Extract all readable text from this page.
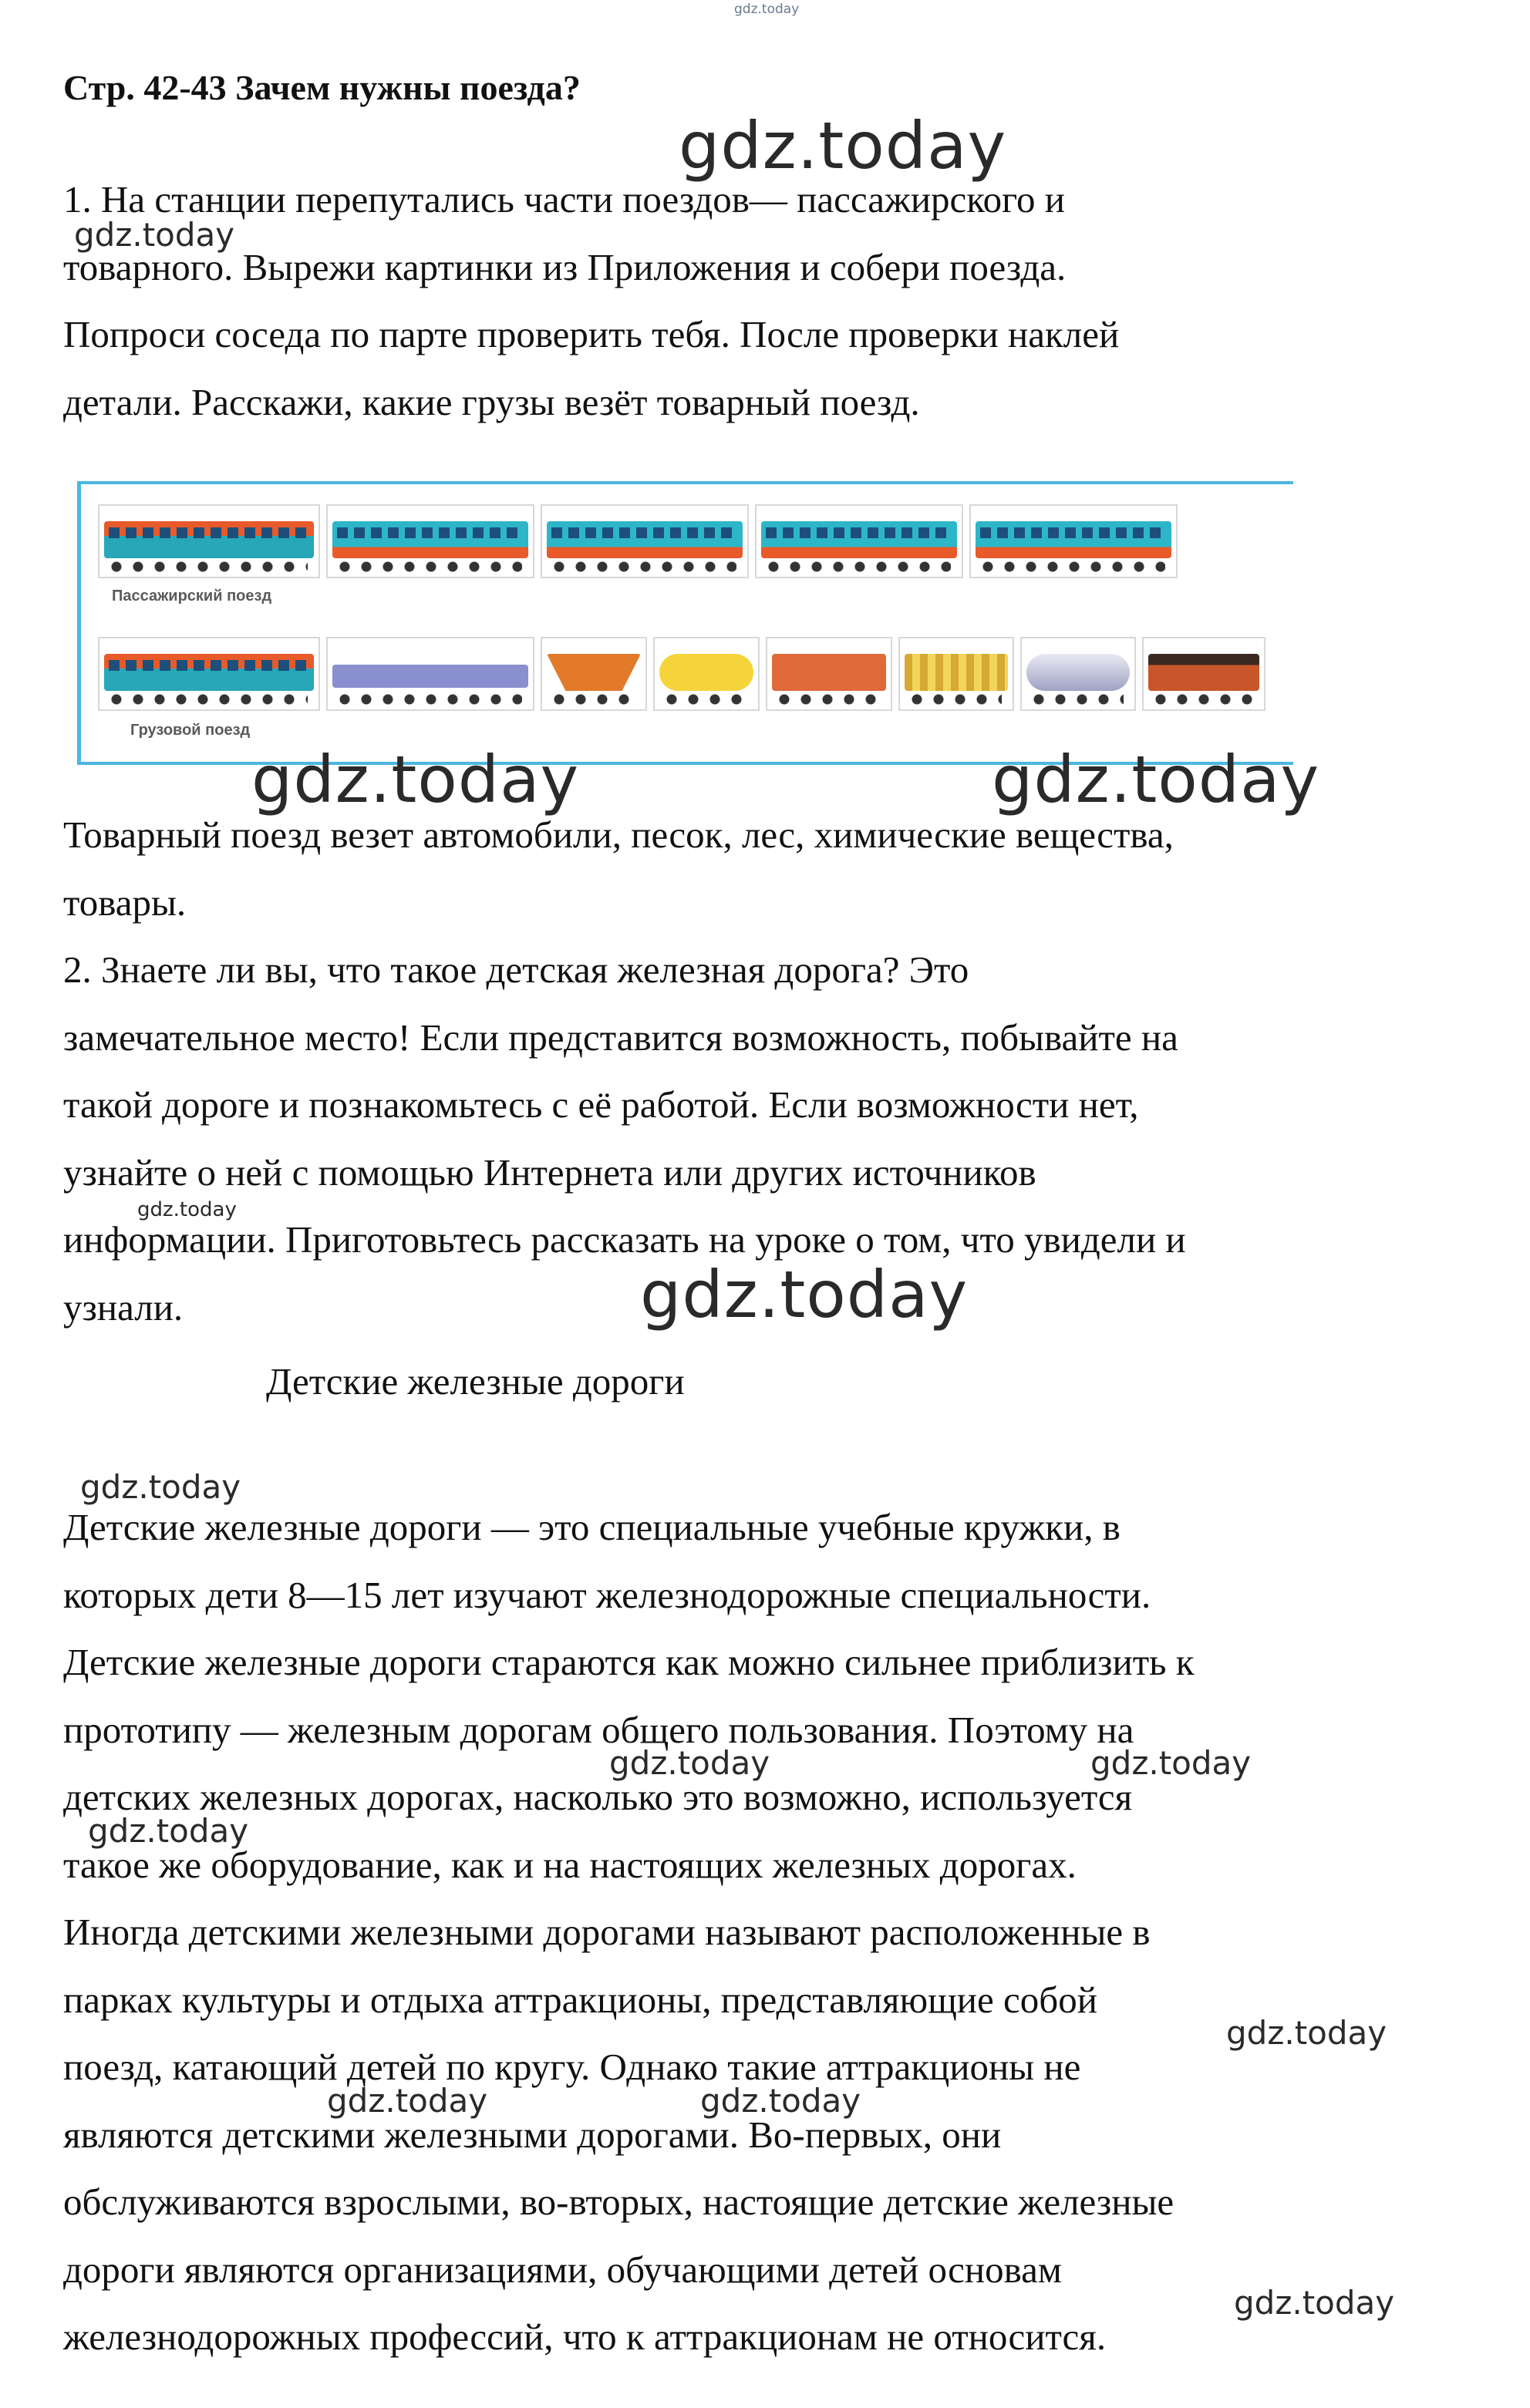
gdz.today
Стр. 42-43 Зачем нужны поезда?

1. На станции перепутались части поездов— пассажирского и

товарного. Вырежи картинки из Приложения и собери поезда.

Попроси соседа по парте проверить тебя. После проверки наклей

детали. Расскажи, какие грузы везёт товарный поезд.

Пассажирский поезд
Грузовой поезд

Товарный поезд везет автомобили, песок, лес, химические вещества,

товары.

2. Знаете ли вы, что такое детская железная дорога? Это

замечательное место! Если представится возможность, побывайте на

такой дороге и познакомьтесь с её работой. Если возможности нет,

узнайте о ней с помощью Интернета или других источников

информации. Приготовьтесь рассказать на уроке о том, что увидели и

узнали.

Детские железные дороги

Детские железные дороги — это специальные учебные кружки, в

которых дети 8—15 лет изучают железнодорожные специальности.

Детские железные дороги стараются как можно сильнее приблизить к

прототипу — железным дорогам общего пользования. Поэтому на

детских железных дорогах, насколько это возможно, используется

такое же оборудование, как и на настоящих железных дорогах.

Иногда детскими железными дорогами называют расположенные в

парках культуры и отдыха аттракционы, представляющие собой

поезд, катающий детей по кругу. Однако такие аттракционы не

являются детскими железными дорогами. Во-первых, они

обслуживаются взрослыми, во-вторых, настоящие детские железные

дороги являются организациями, обучающими детей основам

железнодорожных профессий, что к аттракционам не относится.

gdz.today
gdz.today
gdz.today	gdz.today
gdz.today
gdz.today
gdz.today
gdz.today	gdz.today
gdz.today
gdz.today
gdz.today	gdz.today
gdz.today
